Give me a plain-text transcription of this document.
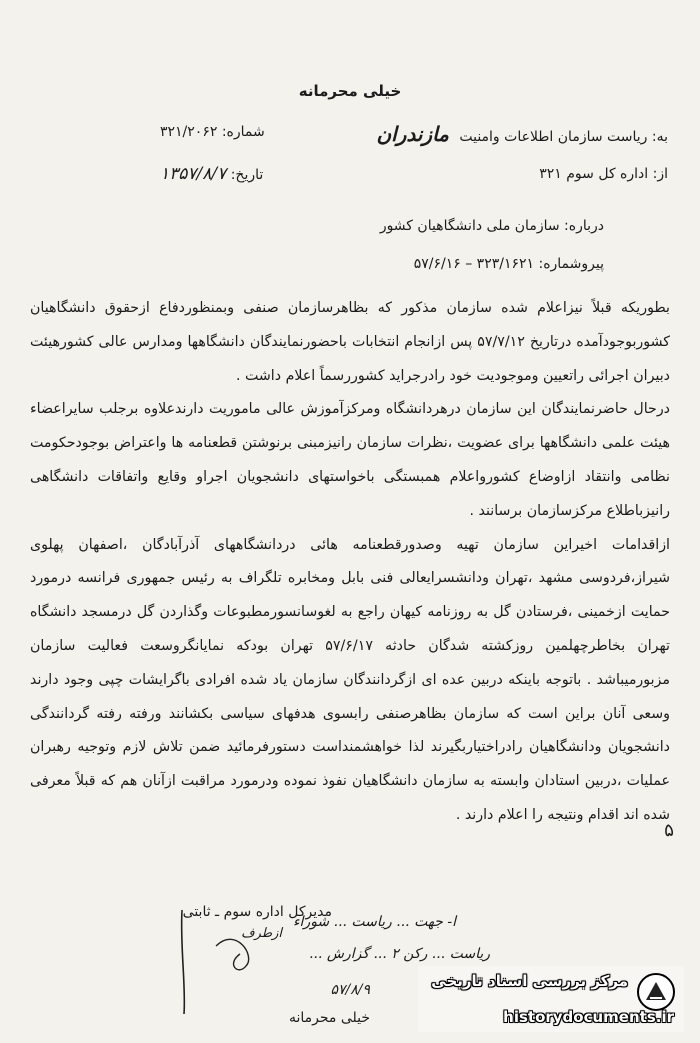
خیلی محرمانه
به: ریاست سازمان اطلاعات وامنیت مازندران
شماره: ۳۲۱/۲۰۶۲
از: اداره کل سوم ۳۲۱
تاریخ: ۱۳۵۷/۸/۷
درباره: سازمان ملی دانشگاهیان کشور
پیروشماره: ۳۲۳/۱۶۲۱ – ۵۷/۶/۱۶

بطوریکه قبلاً نیزاعلام شده سازمان مذکور که بظاهرسازمان صنفی وبمنظوردفاع ازحقوق دانشگاهیان کشوربوجودآمده درتاریخ ۵۷/۷/۱۲ پس ازانجام انتخابات باحضورنمایندگان دانشگاهها ومدارس عالی کشورهیئت دبیران اجرائی راتعیین وموجودیت خود رادرجراید کشوررسماً اعلام داشت .

درحال حاضرنمایندگان این سازمان درهردانشگاه ومرکزآموزش عالی ماموریت دارندعلاوه برجلب سایراعضاء هیئت علمی دانشگاهها برای عضویت ،نظرات سازمان رانیزمبنی برنوشتن قطعنامه ها واعتراض بوجودحکومت نظامی وانتقاد ازاوضاع کشورواعلام همبستگی باخواستهای دانشجویان اجراو وقایع واتفاقات دانشگاهی رانیزباطلاع مرکزسازمان برسانند .

ازاقدامات اخیراین سازمان تهیه وصدورقطعنامه هائی دردانشگاههای آذرآبادگان ،اصفهان پهلوی شیراز،فردوسی مشهد ،تهران ودانشسرایعالی فنی بابل ومخابره تلگراف به رئیس جمهوری فرانسه درمورد حمایت ازخمینی ،فرستادن گل به روزنامه کیهان راجع به لغوسانسورمطبوعات وگذاردن گل درمسجد دانشگاه تهران بخاطرچهلمین روزکشته شدگان حادثه ۵۷/۶/۱۷ تهران بودکه نمایانگروسعت فعالیت سازمان مزبورمیباشد . باتوجه باینکه دربین عده ای ازگردانندگان سازمان یاد شده افرادی باگرایشات چپی وجود دارند وسعی آنان براین است که سازمان بظاهرصنفی رابسوی هدفهای سیاسی بکشانند ورفته رفته گردانندگی دانشجویان ودانشگاهیان رادراختیاربگیرند لذا خواهشمنداست دستورفرمائید ضمن تلاش لازم وتوجیه رهبران عملیات ،دربین استادان وابسته به سازمان دانشگاهیان نفوذ نموده ودرمورد مراقبت ازآنان هم که قبلاً معرفی شده اند اقدام ونتیجه را اعلام دارند .

مدیرکل اداره سوم ـ ثابتی
ا- جهت ... ریاست ... شوراء
ریاست ... رکن ۲ ... گزارش ...
ازطرف
۵۷/۸/۹
خیلی محرمانه
۵
مرکز بررسی اسناد تاریخی
historydocuments.ir
